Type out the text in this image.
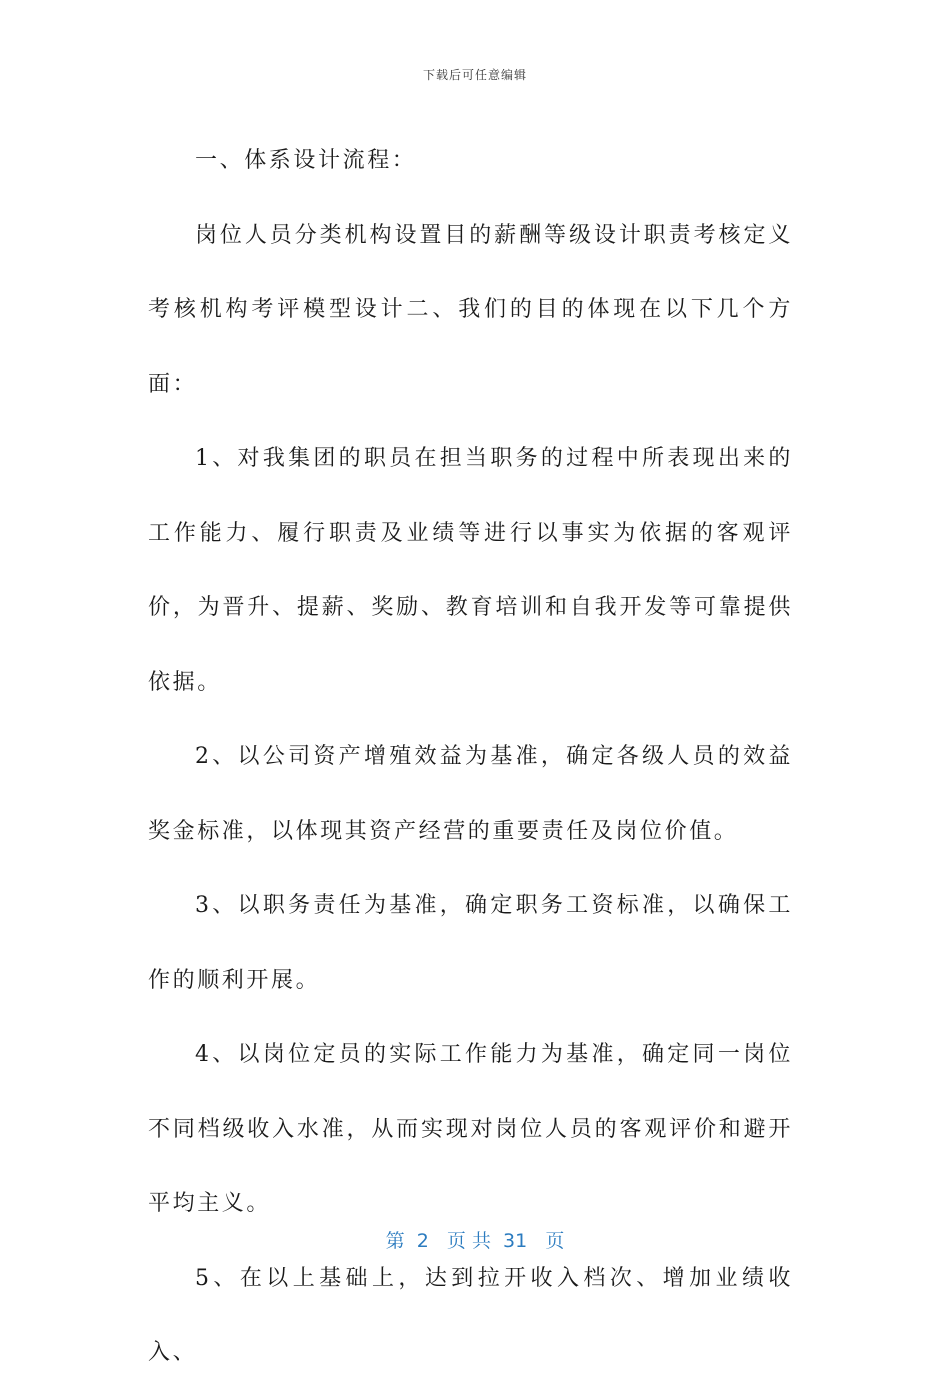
下载后可任意编辑

一、体系设计流程：

岗位人员分类机构设置目的薪酬等级设计职责考核定义考核机构考评模型设计二、我们的目的体现在以下几个方面：

1、对我集团的职员在担当职务的过程中所表现出来的工作能力、履行职责及业绩等进行以事实为依据的客观评价，为晋升、提薪、奖励、教育培训和自我开发等可靠提供依据。

2、以公司资产增殖效益为基准，确定各级人员的效益奖金标准，以体现其资产经营的重要责任及岗位价值。

3、以职务责任为基准，确定职务工资标准，以确保工作的顺利开展。

4、以岗位定员的实际工作能力为基准，确定同一岗位不同档级收入水准，从而实现对岗位人员的客观评价和避开平均主义。

5、在以上基础上，达到拉开收入档次、增加业绩收入、

第  2   页 共  31   页
